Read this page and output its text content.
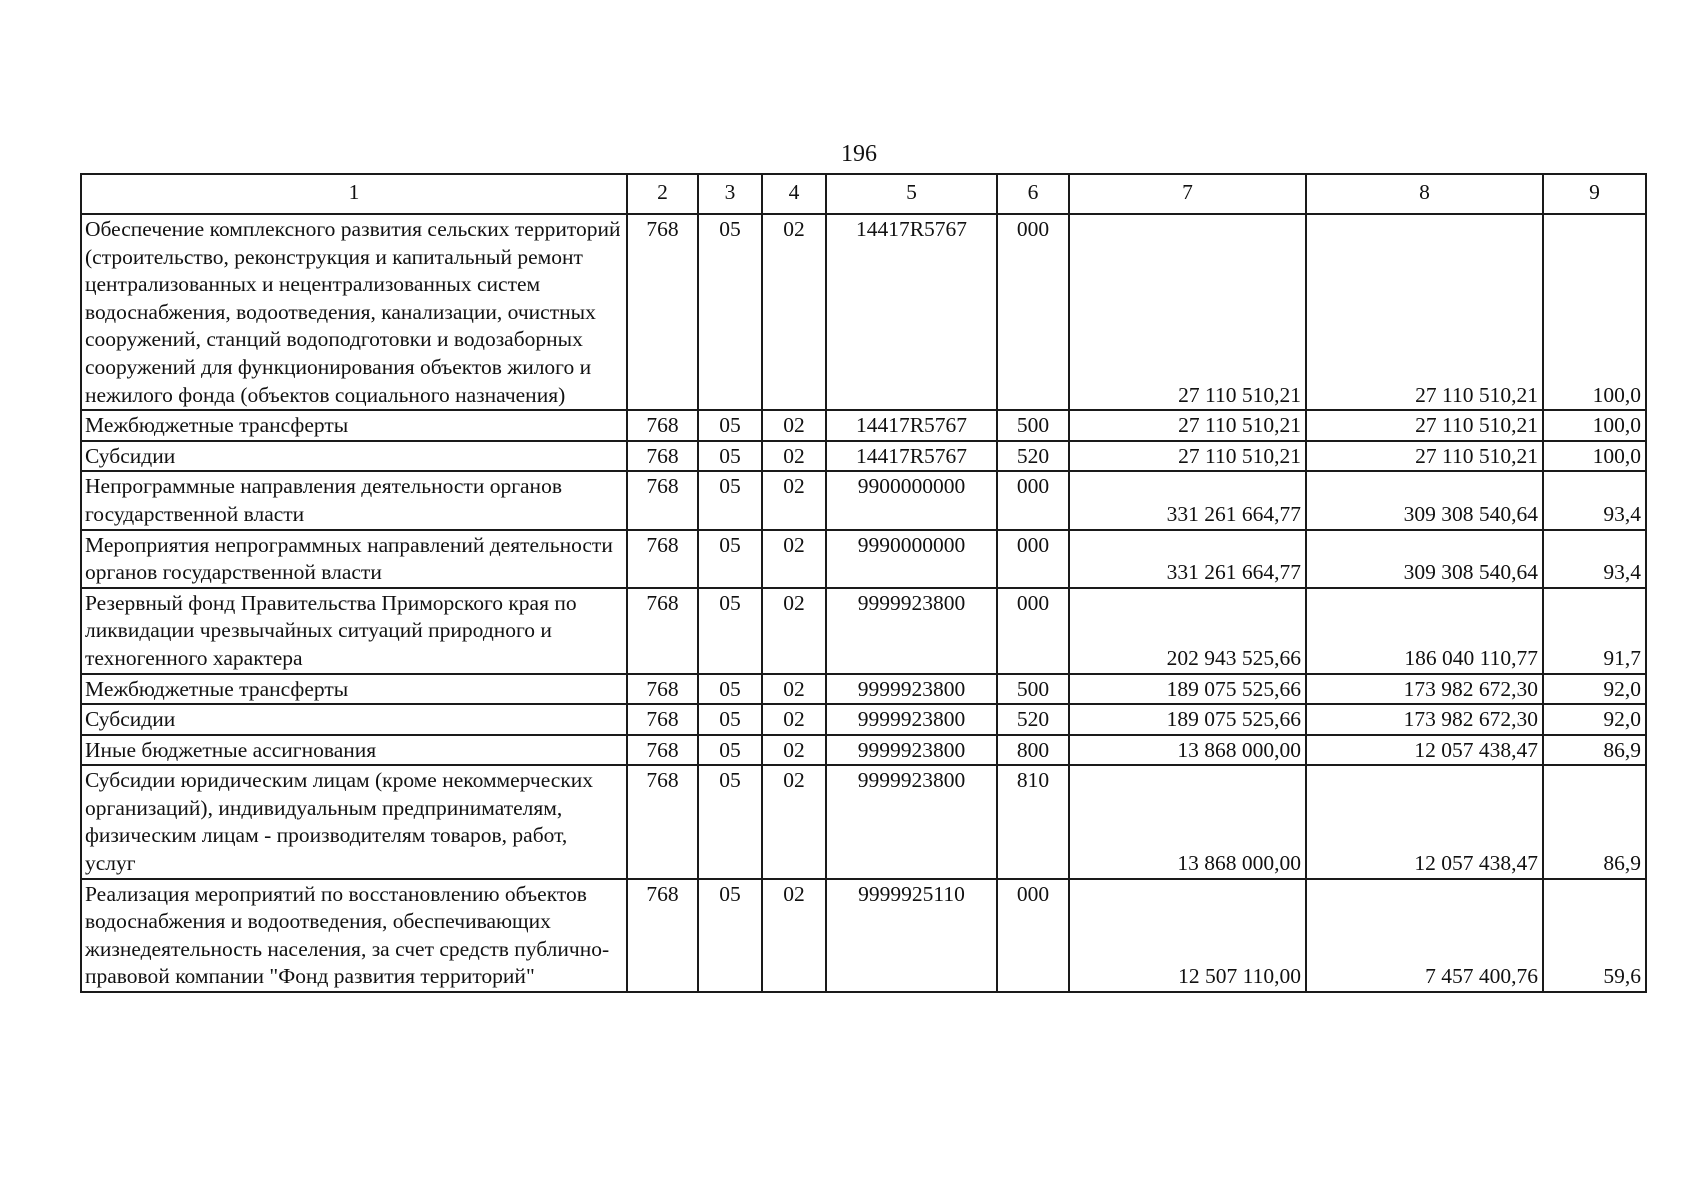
196
1	2	3	4	5	6	7	8	9
Обеспечение комплексного развития сельских территорий (строительство, реконструкция и капитальный ремонт централизованных и нецентрализованных систем водоснабжения, водоотведения, канализации, очистных сооружений, станций водоподготовки и водозаборных сооружений для функционирования объектов жилого и нежилого фонда (объектов социального назначения)	768	05	02	14417R5767	000	27 110 510,21	27 110 510,21	100,0
Межбюджетные трансферты	768	05	02	14417R5767	500	27 110 510,21	27 110 510,21	100,0
Субсидии	768	05	02	14417R5767	520	27 110 510,21	27 110 510,21	100,0
Непрограммные направления деятельности органов государственной власти	768	05	02	9900000000	000	331 261 664,77	309 308 540,64	93,4
Мероприятия непрограммных направлений деятельности органов государственной власти	768	05	02	9990000000	000	331 261 664,77	309 308 540,64	93,4
Резервный фонд Правительства Приморского края по ликвидации чрезвычайных ситуаций природного и техногенного характера	768	05	02	9999923800	000	202 943 525,66	186 040 110,77	91,7
Межбюджетные трансферты	768	05	02	9999923800	500	189 075 525,66	173 982 672,30	92,0
Субсидии	768	05	02	9999923800	520	189 075 525,66	173 982 672,30	92,0
Иные бюджетные ассигнования	768	05	02	9999923800	800	13 868 000,00	12 057 438,47	86,9
Субсидии юридическим лицам (кроме некоммерческих организаций), индивидуальным предпринимателям, физическим лицам - производителям товаров, работ, услуг	768	05	02	9999923800	810	13 868 000,00	12 057 438,47	86,9
Реализация мероприятий по восстановлению объектов водоснабжения и водоотведения, обеспечивающих жизнедеятельность населения, за счет средств публично-правовой компании "Фонд развития территорий"	768	05	02	9999925110	000	12 507 110,00	7 457 400,76	59,6
